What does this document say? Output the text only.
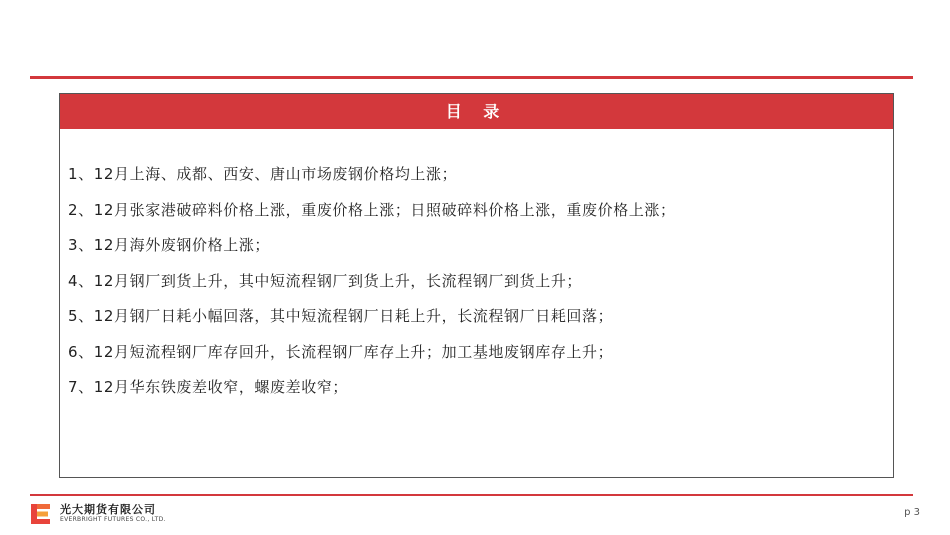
目 录
1、12月上海、成都、西安、唐山市场废钢价格均上涨；
2、12月张家港破碎料价格上涨，重废价格上涨；日照破碎料价格上涨，重废价格上涨；
3、12月海外废钢价格上涨；
4、12月钢厂到货上升，其中短流程钢厂到货上升，长流程钢厂到货上升；
5、12月钢厂日耗小幅回落，其中短流程钢厂日耗上升，长流程钢厂日耗回落；
6、12月短流程钢厂库存回升，长流程钢厂库存上升；加工基地废钢库存上升；
7、12月华东铁废差收窄，螺废差收窄；
光大期货有限公司
EVERBRIGHT FUTURES CO., LTD.
p 3
